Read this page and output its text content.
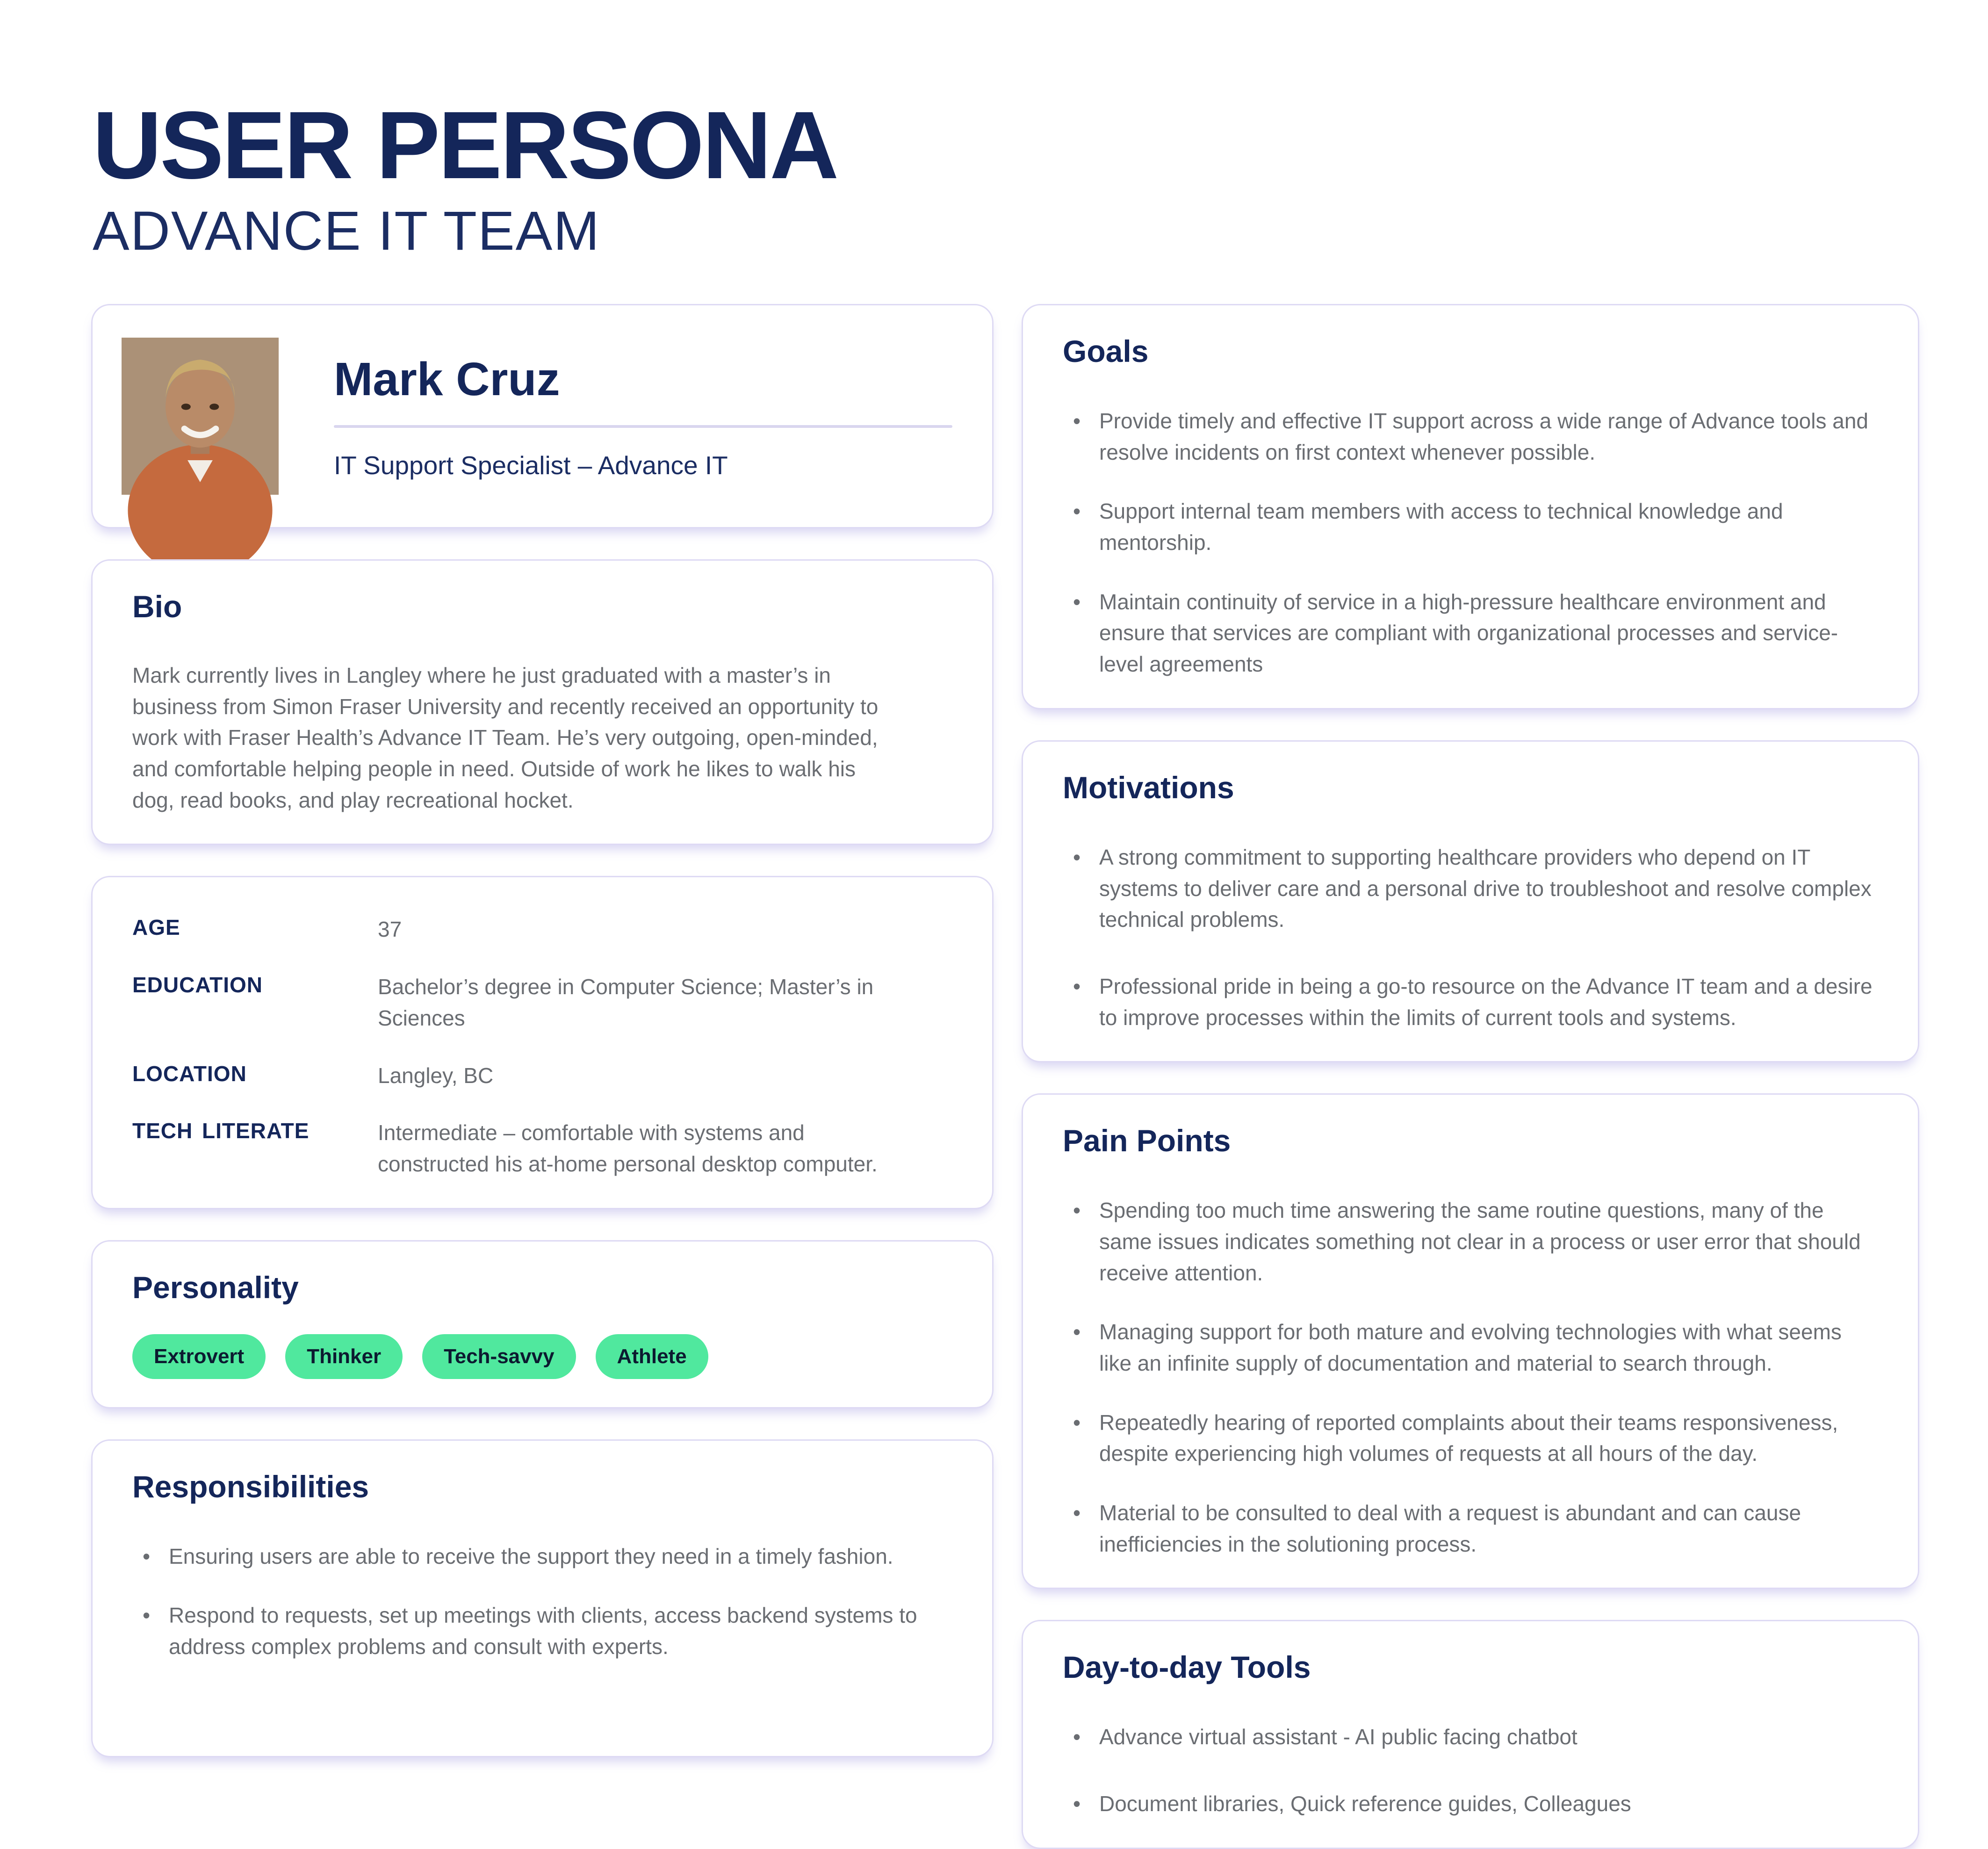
USER PERSONA
ADVANCE IT TEAM
Mark Cruz
IT Support Specialist – Advance IT
Bio

Mark currently lives in Langley where he just graduated with a master’s in business from Simon Fraser University and recently received an opportunity to work with Fraser Health’s Advance IT Team. He’s very outgoing, open-minded, and comfortable helping people in need. Outside of work he likes to walk his dog, read books, and play recreational hocket.

AGE	37
EDUCATION	Bachelor’s degree in Computer Science; Master’s in Sciences
LOCATION	Langley, BC
TECH LITERATE	Intermediate – comfortable with systems and constructed his at-home personal desktop computer.
Personality
Extrovert	Thinker	Tech-savvy	Athlete
Responsibilities
• Ensuring users are able to receive the support they need in a timely fashion.
• Respond to requests, set up meetings with clients, access backend systems to address complex problems and consult with experts.
Goals
• Provide timely and effective IT support across a wide range of Advance tools and resolve incidents on first context whenever possible.
• Support internal team members with access to technical knowledge and mentorship.
• Maintain continuity of service in a high-pressure healthcare environment and ensure that services are compliant with organizational processes and service-level agreements
Motivations
• A strong commitment to supporting healthcare providers who depend on IT systems to deliver care and a personal drive to troubleshoot and resolve complex technical problems.
• Professional pride in being a go-to resource on the Advance IT team and a desire to improve processes within the limits of current tools and systems.
Pain Points
• Spending too much time answering the same routine questions, many of the same issues indicates something not clear in a process or user error that should receive attention.
• Managing support for both mature and evolving technologies with what seems like an infinite supply of documentation and material to search through.
• Repeatedly hearing of reported complaints about their teams responsiveness, despite experiencing high volumes of requests at all hours of the day.
• Material to be consulted to deal with a request is abundant and can cause inefficiencies in the solutioning process.
Day-to-day Tools
• Advance virtual assistant - AI public facing chatbot
• Document libraries, Quick reference guides, Colleagues
